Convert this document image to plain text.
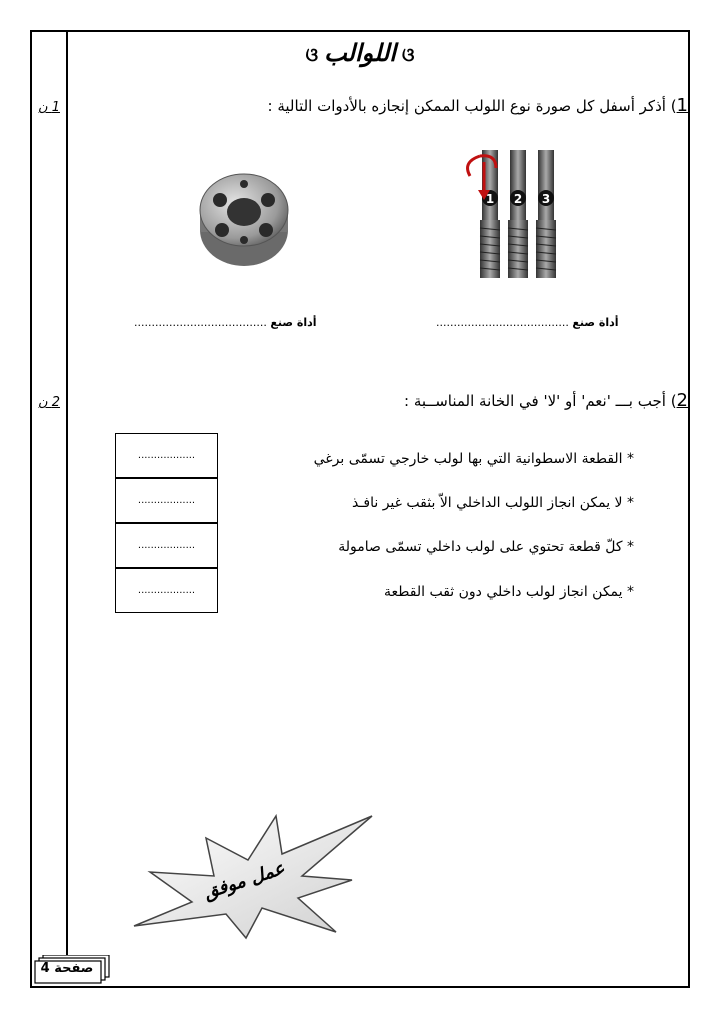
ଓ اللوالب ଓ
1 ن	1) أذكر أسفل كل صورة نوع اللولب الممكن إنجازه بالأدوات التالية :
1 2 3
أداة صنع ......................................
أداة صنع ......................................
2 ن	2) أجب بـــ 'نعم' أو 'لا' في الخانة المناســبة :
* القطعة الاسطوانية التي بها لولب خارجي تسمّى برغي
* لا يمكن انجاز اللولب الداخلي الاّ بثقب غير نافـذ
* كلّ قطعة تحتوي على لولب داخلي تسمّى صامولة
* يمكن انجاز لولب داخلي دون ثقب القطعة
..................
..................
..................
..................
عمل موفق
صفحة 4
